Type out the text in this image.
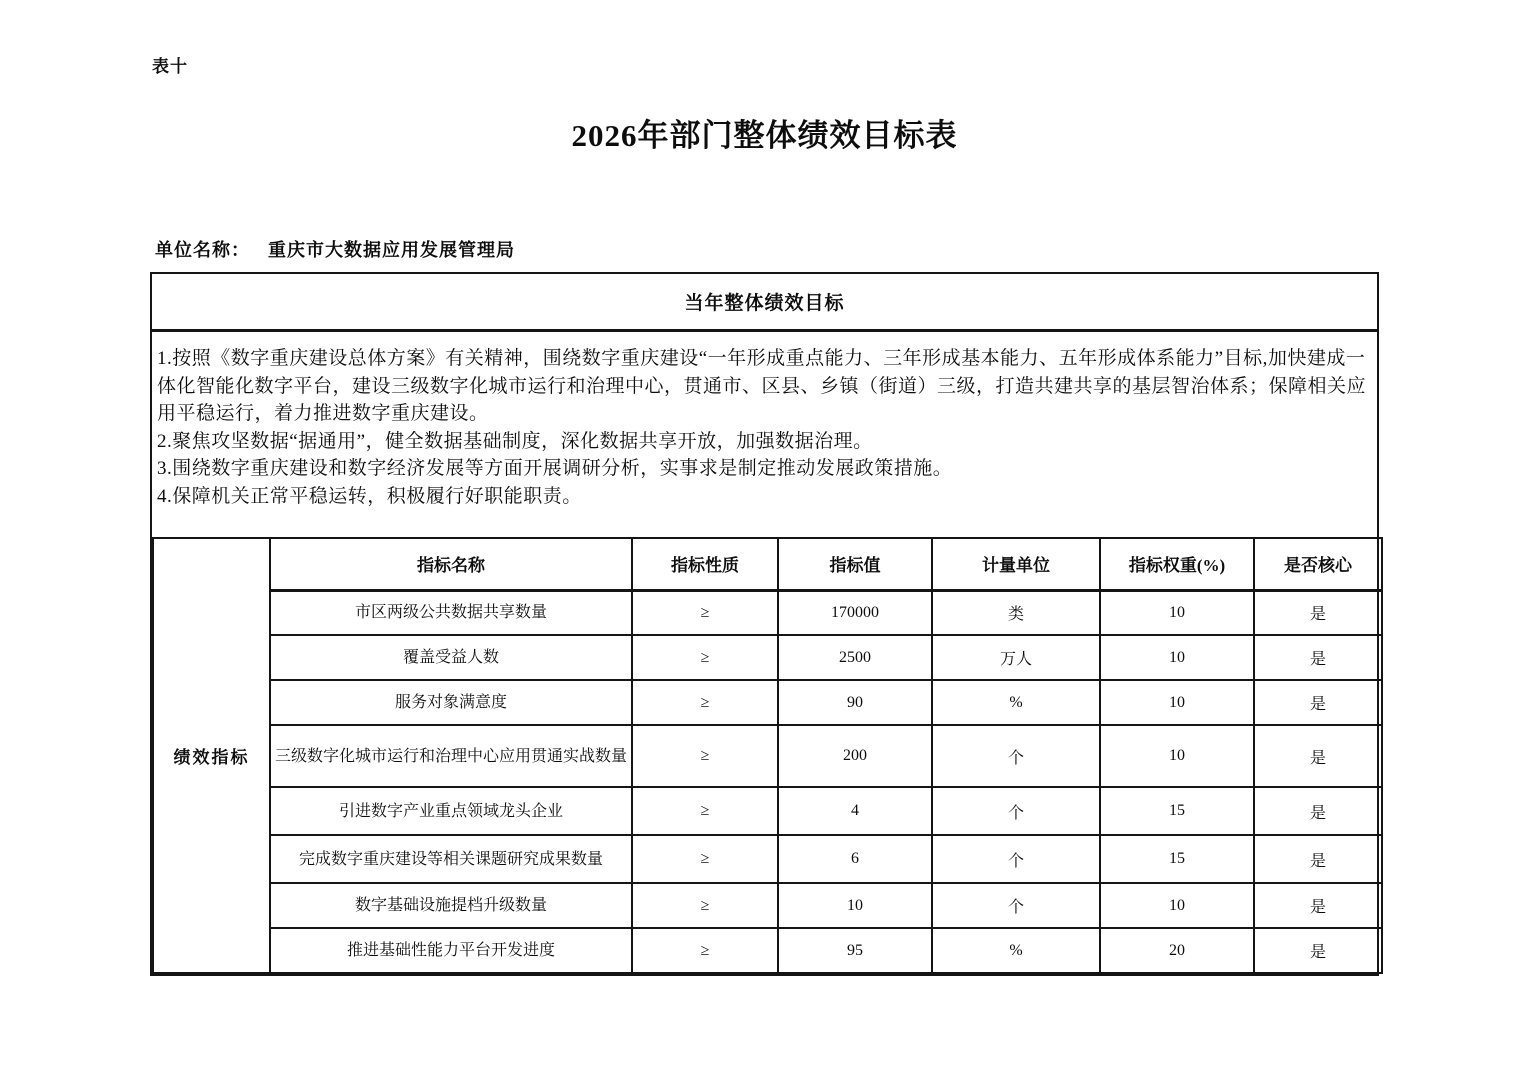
表十
2026年部门整体绩效目标表
单位名称： 重庆市大数据应用发展管理局
当年整体绩效目标
1.按照《数字重庆建设总体方案》有关精神，围绕数字重庆建设“一年形成重点能力、三年形成基本能力、五年形成体系能力”目标,加快建成一体化智能化数字平台，建设三级数字化城市运行和治理中心，贯通市、区县、乡镇（街道）三级，打造共建共享的基层智治体系；保障相关应用平稳运行，着力推进数字重庆建设。
2.聚焦攻坚数据“据通用”，健全数据基础制度，深化数据共享开放，加强数据治理。
3.围绕数字重庆建设和数字经济发展等方面开展调研分析，实事求是制定推动发展政策措施。
4.保障机关正常平稳运转，积极履行好职能职责。
绩效指标	指标名称	指标性质	指标值	计量单位	指标权重(%)	是否核心
	市区两级公共数据共享数量	≥	170000	类	10	是
	覆盖受益人数	≥	2500	万人	10	是
	服务对象满意度	≥	90	%	10	是
	三级数字化城市运行和治理中心应用贯通实战数量	≥	200	个	10	是
	引进数字产业重点领域龙头企业	≥	4	个	15	是
	完成数字重庆建设等相关课题研究成果数量	≥	6	个	15	是
	数字基础设施提档升级数量	≥	10	个	10	是
	推进基础性能力平台开发进度	≥	95	%	20	是
